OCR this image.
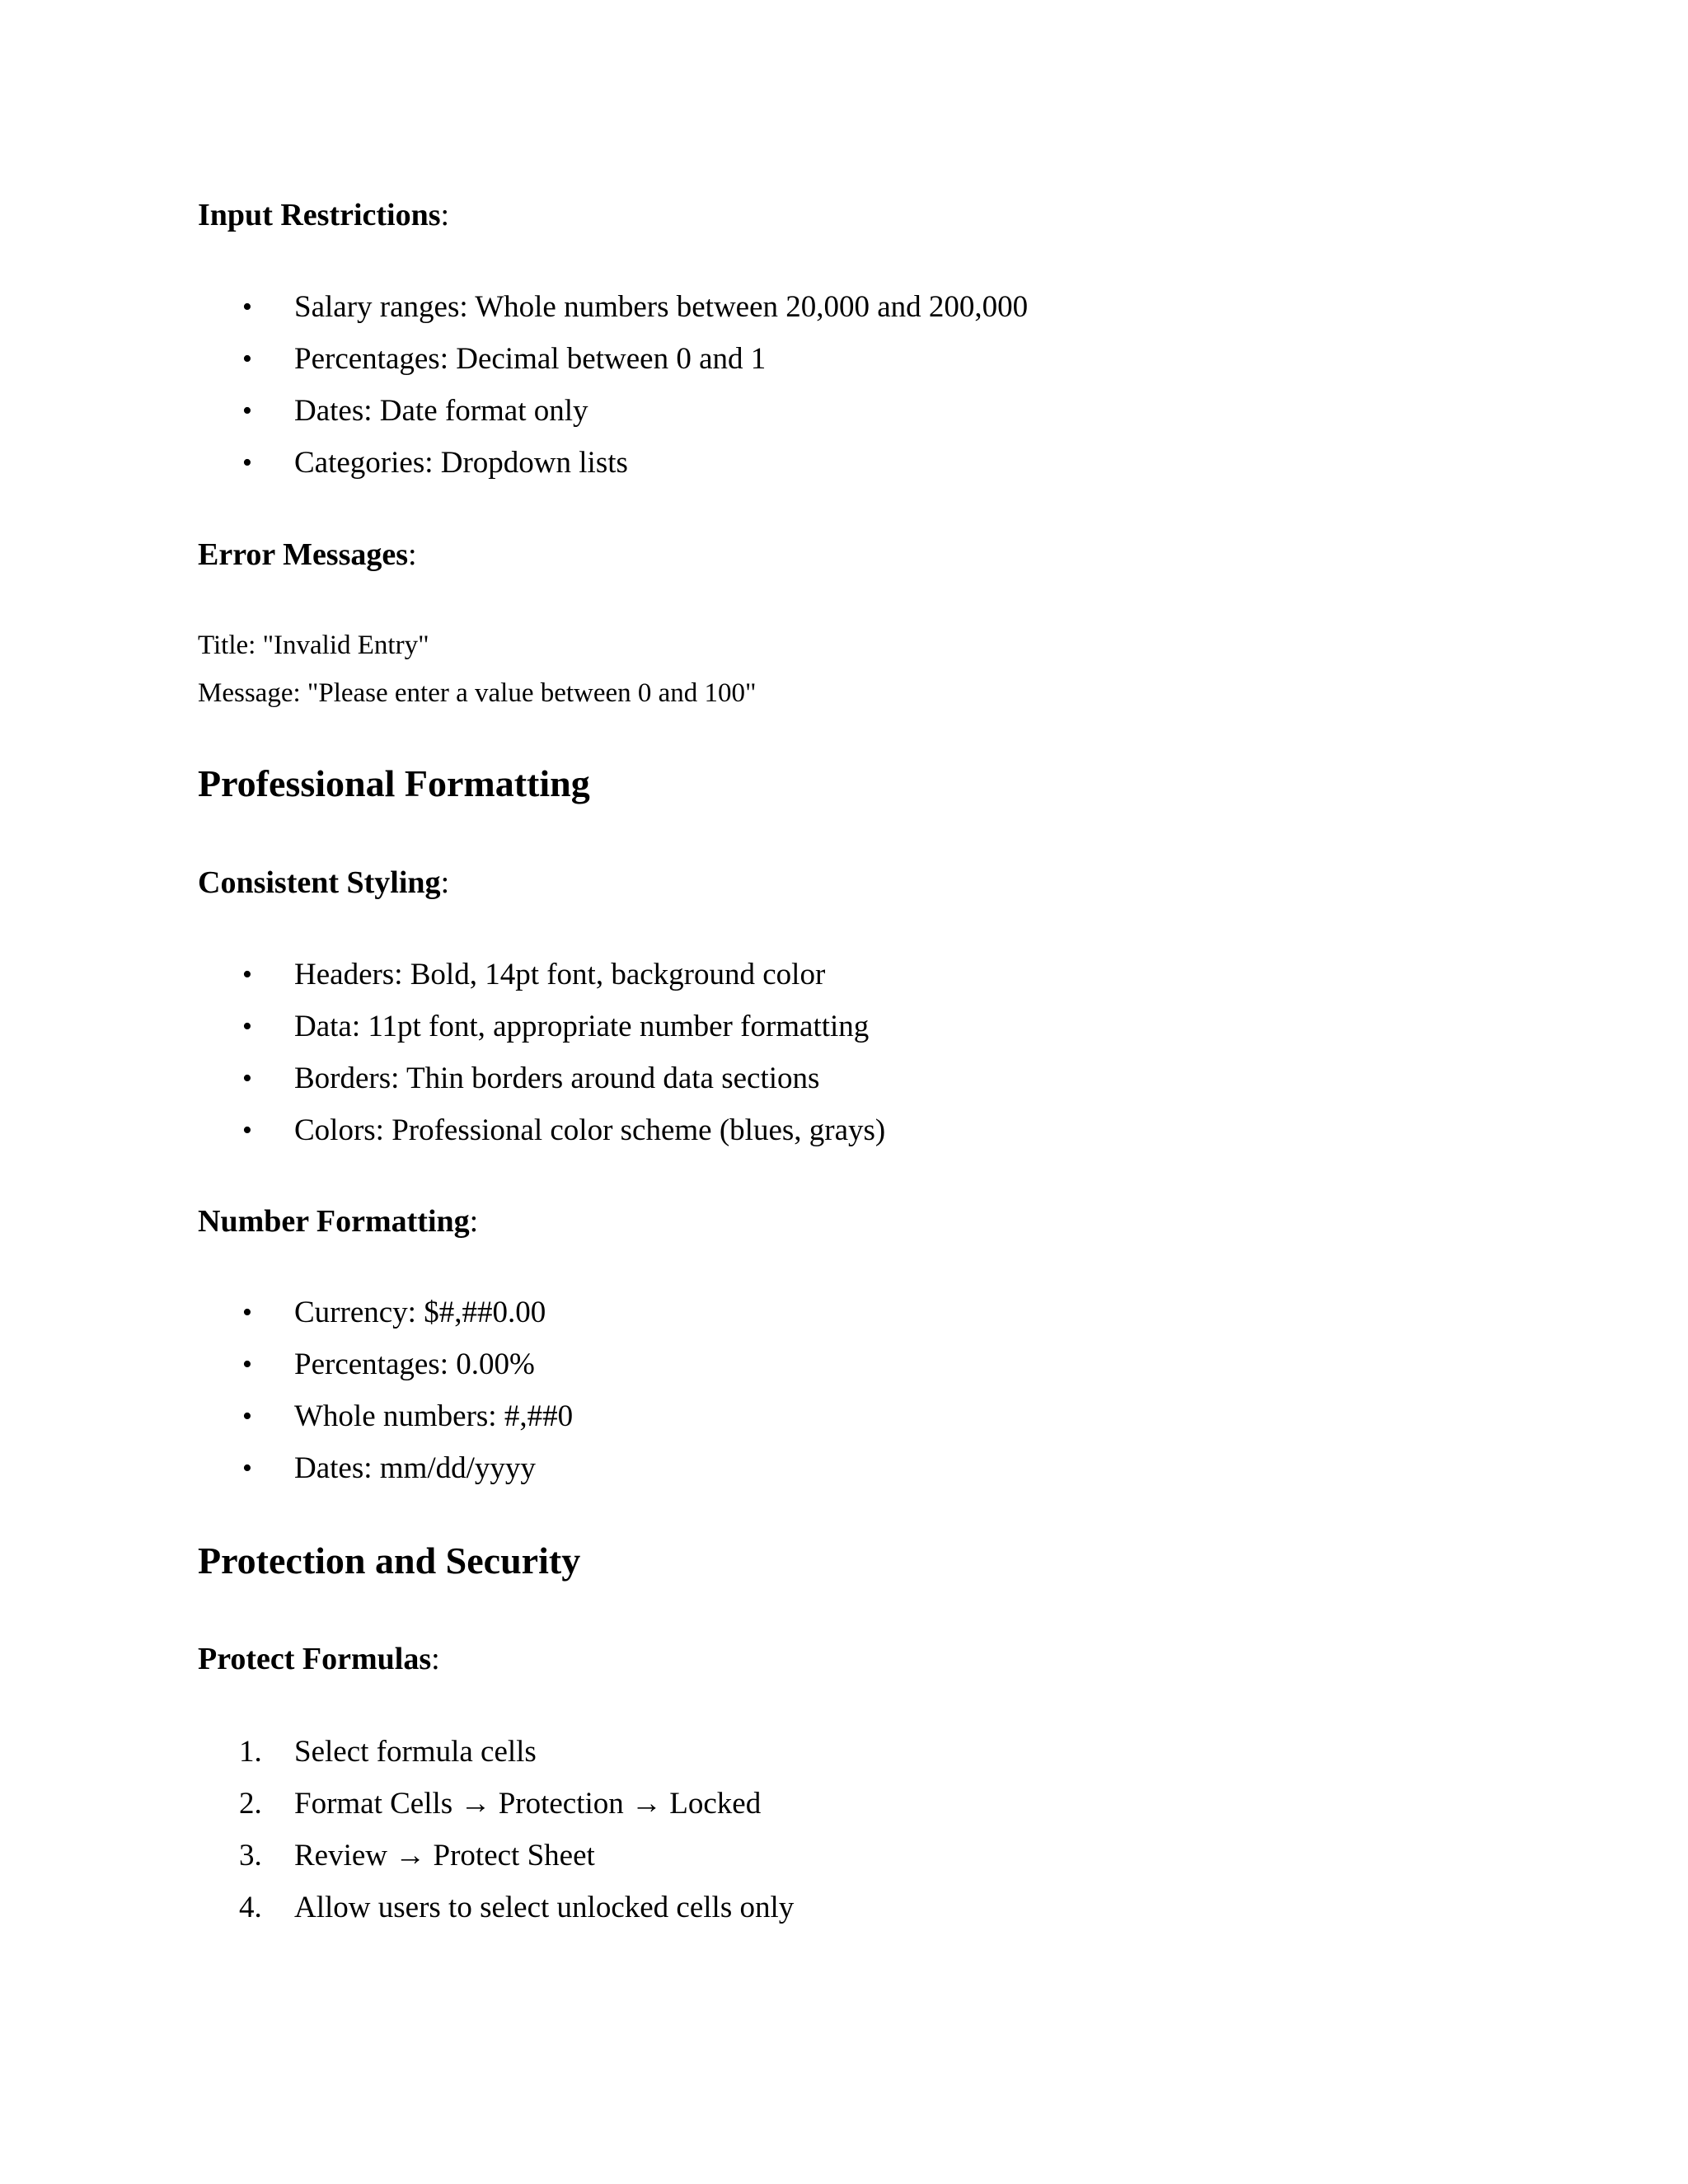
Input Restrictions:

•	Salary ranges: Whole numbers between 20,000 and 200,000
•	Percentages: Decimal between 0 and 1
•	Dates: Date format only
•	Categories: Dropdown lists

Error Messages:

Title: "Invalid Entry"

Message: "Please enter a value between 0 and 100"

Professional Formatting

Consistent Styling:

•	Headers: Bold, 14pt font, background color
•	Data: 11pt font, appropriate number formatting
•	Borders: Thin borders around data sections
•	Colors: Professional color scheme (blues, grays)

Number Formatting:

•	Currency: $#,##0.00
•	Percentages: 0.00%
•	Whole numbers: #,##0
•	Dates: mm/dd/yyyy
Protection and Security

Protect Formulas:

1.	Select formula cells
2.	Format Cells → Protection → Locked
3.	Review → Protect Sheet
4.	Allow users to select unlocked cells only
